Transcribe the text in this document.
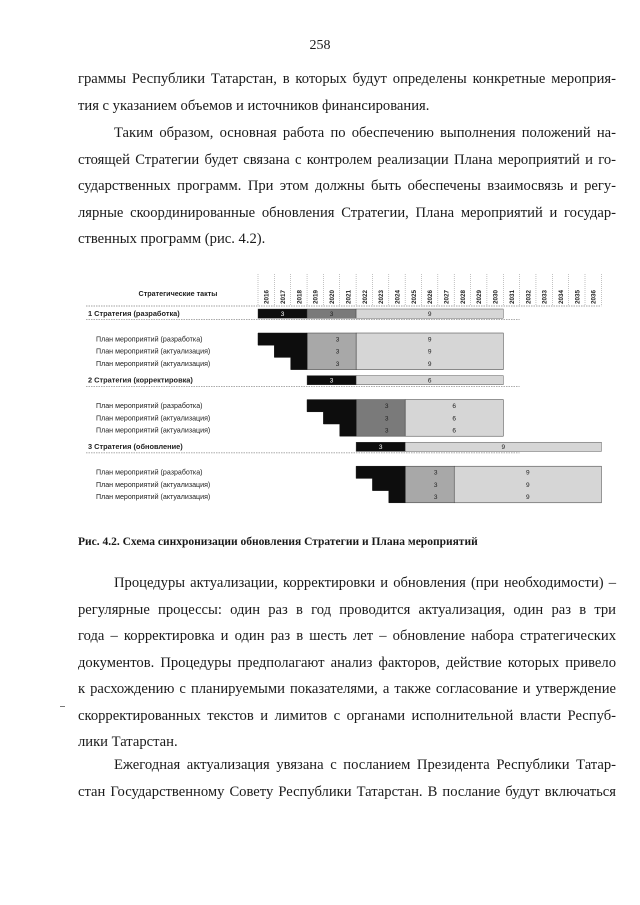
258

граммы Республики Татарстан, в которых будут определены конкретные мероприя-
тия с указанием объемов и источников финансирования.

Таким образом, основная работа по обеспечению выполнения положений на-
стоящей Стратегии будет связана с контролем реализации Плана мероприятий и го-
сударственных программ. При этом должны быть обеспечены взаимосвязь и регу-
лярные скоординированные обновления Стратегии, Плана мероприятий и государ-
ственных программ (рис. 4.2).

Стратегические такты	2016 2017 2018 2019 2020 2021 2022 2023 2024 2025 2026 2027 2028 2029 2030 2031 2032 2033 2034 2035 2036
1 Стратегия (разработка)	3	3	9
План мероприятий (разработка)	3	9
План мероприятий (актуализация)	3	9
План мероприятий (актуализация)	3	9
2 Стратегия (корректировка)	3	6
План мероприятий (разработка)	3	6
План мероприятий (актуализация)	3	6
План мероприятий (актуализация)	3	6
3 Стратегия (обновление)	3	9
План мероприятий (разработка)	3	9
План мероприятий (актуализация)	3	9
План мероприятий (актуализация)	3	9
Рис. 4.2. Схема синхронизации обновления Стратегии и Плана мероприятий

Процедуры актуализации, корректировки и обновления (при необходимости) –
регулярные процессы: один раз в год проводится актуализация, один раз в три
года – корректировка и один раз в шесть лет – обновление набора стратегических
документов. Процедуры предполагают анализ факторов, действие которых привело
к расхождению с планируемыми показателями, а также согласование и утверждение
скорректированных текстов и лимитов с органами исполнительной власти Респуб-
лики Татарстан.

Ежегодная актуализация увязана с посланием Президента Республики Татар-
стан Государственному Совету Республики Татарстан. В послание будут включаться
